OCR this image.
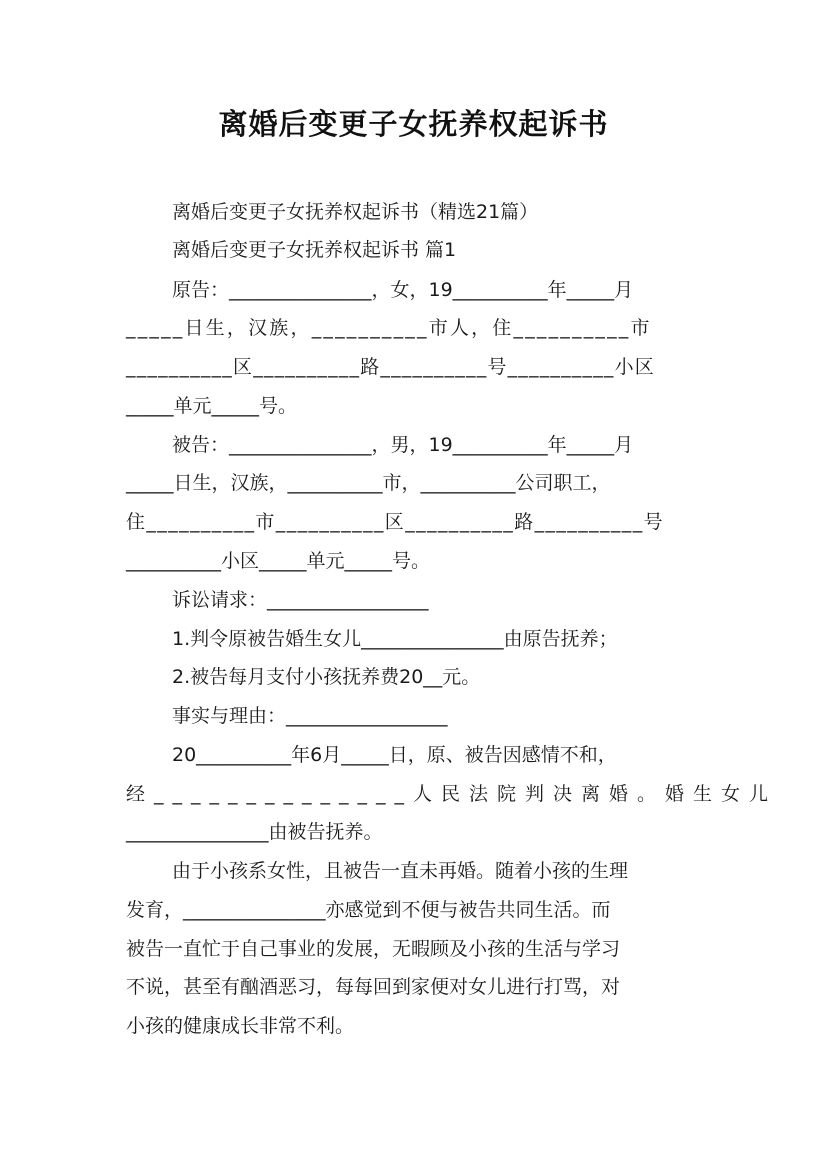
离婚后变更子女抚养权起诉书
离婚后变更子女抚养权起诉书（精选21篇）
离婚后变更子女抚养权起诉书 篇1
原告：_______________，女，19__________年_____月
_____日生，汉族，__________市人，住__________市
__________区__________路__________号__________小区
_____单元_____号。
被告：_______________，男，19__________年_____月
_____日生，汉族，__________市，__________公司职工，
住__________市__________区__________路__________号
__________小区_____单元_____号。
诉讼请求：_________________
1.判令原被告婚生女儿_______________由原告抚养；
2.被告每月支付小孩抚养费20__元。
事实与理由：_________________
20__________年6月_____日，原、被告因感情不和，
经______________人民法院判决离婚。婚生女儿
_______________由被告抚养。
由于小孩系女性，且被告一直未再婚。随着小孩的生理
发育，_______________亦感觉到不便与被告共同生活。而
被告一直忙于自己事业的发展，无暇顾及小孩的生活与学习
不说，甚至有酗酒恶习，每每回到家便对女儿进行打骂，对
小孩的健康成长非常不利。
